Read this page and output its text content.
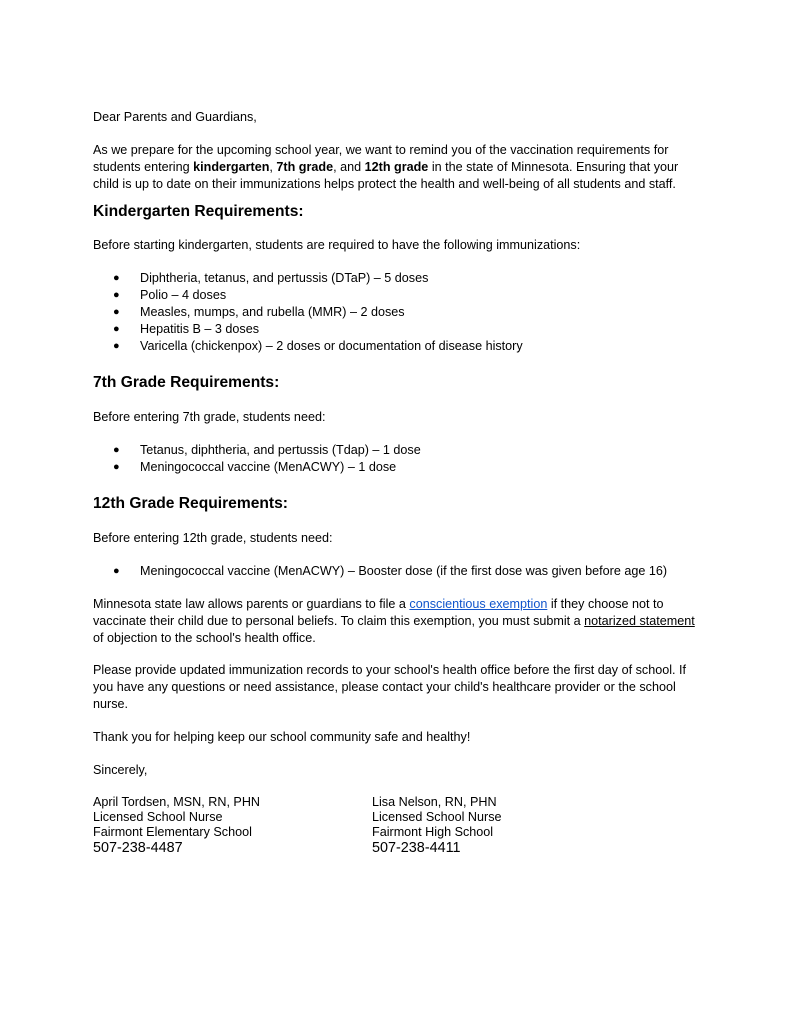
Dear Parents and Guardians,

As we prepare for the upcoming school year, we want to remind you of the vaccination requirements for students entering kindergarten, 7th grade, and 12th grade in the state of Minnesota. Ensuring that your child is up to date on their immunizations helps protect the health and well-being of all students and staff.

Kindergarten Requirements:

Before starting kindergarten, students are required to have the following immunizations:

● Diphtheria, tetanus, and pertussis (DTaP) – 5 doses
● Polio – 4 doses
● Measles, mumps, and rubella (MMR) – 2 doses
● Hepatitis B – 3 doses
● Varicella (chickenpox) – 2 doses or documentation of disease history
7th Grade Requirements:

Before entering 7th grade, students need:

● Tetanus, diphtheria, and pertussis (Tdap) – 1 dose
● Meningococcal vaccine (MenACWY) – 1 dose
12th Grade Requirements:

Before entering 12th grade, students need:

● Meningococcal vaccine (MenACWY) – Booster dose (if the first dose was given before age 16)

Minnesota state law allows parents or guardians to file a conscientious exemption if they choose not to vaccinate their child due to personal beliefs. To claim this exemption, you must submit a notarized statement of objection to the school's health office.

Please provide updated immunization records to your school's health office before the first day of school. If you have any questions or need assistance, please contact your child's healthcare provider or the school nurse.

Thank you for helping keep our school community safe and healthy!

Sincerely,

April Tordsen, MSN, RN, PHN
Licensed School Nurse
Fairmont Elementary School
507-238-4487
Lisa Nelson, RN, PHN
Licensed School Nurse
Fairmont High School
507-238-4411
